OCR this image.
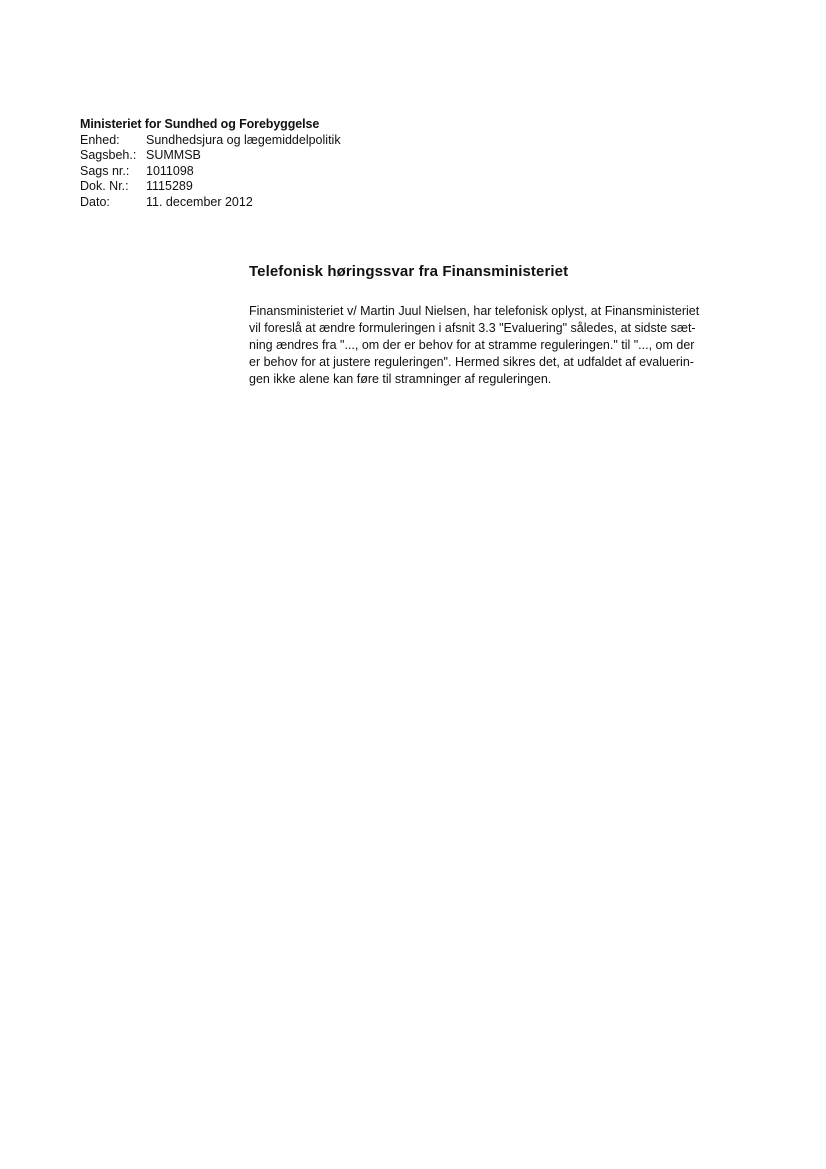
Ministeriet for Sundhed og Forebyggelse
Enhed:	Sundhedsjura og lægemiddelpolitik
Sagsbeh.: SUMMSB
Sags nr.:	1011098
Dok. Nr.:	1115289
Dato:	11. december 2012
Telefonisk høringssvar fra Finansministeriet
Finansministeriet v/ Martin Juul Nielsen, har telefonisk oplyst, at Finansministeriet
vil foreslå at ændre formuleringen i afsnit 3.3 "Evaluering" således, at sidste sæt-
ning ændres fra "..., om der er behov for at stramme reguleringen." til "..., om der
er behov for at justere reguleringen". Hermed sikres det, at udfaldet af evaluerin-
gen ikke alene kan føre til stramninger af reguleringen.
